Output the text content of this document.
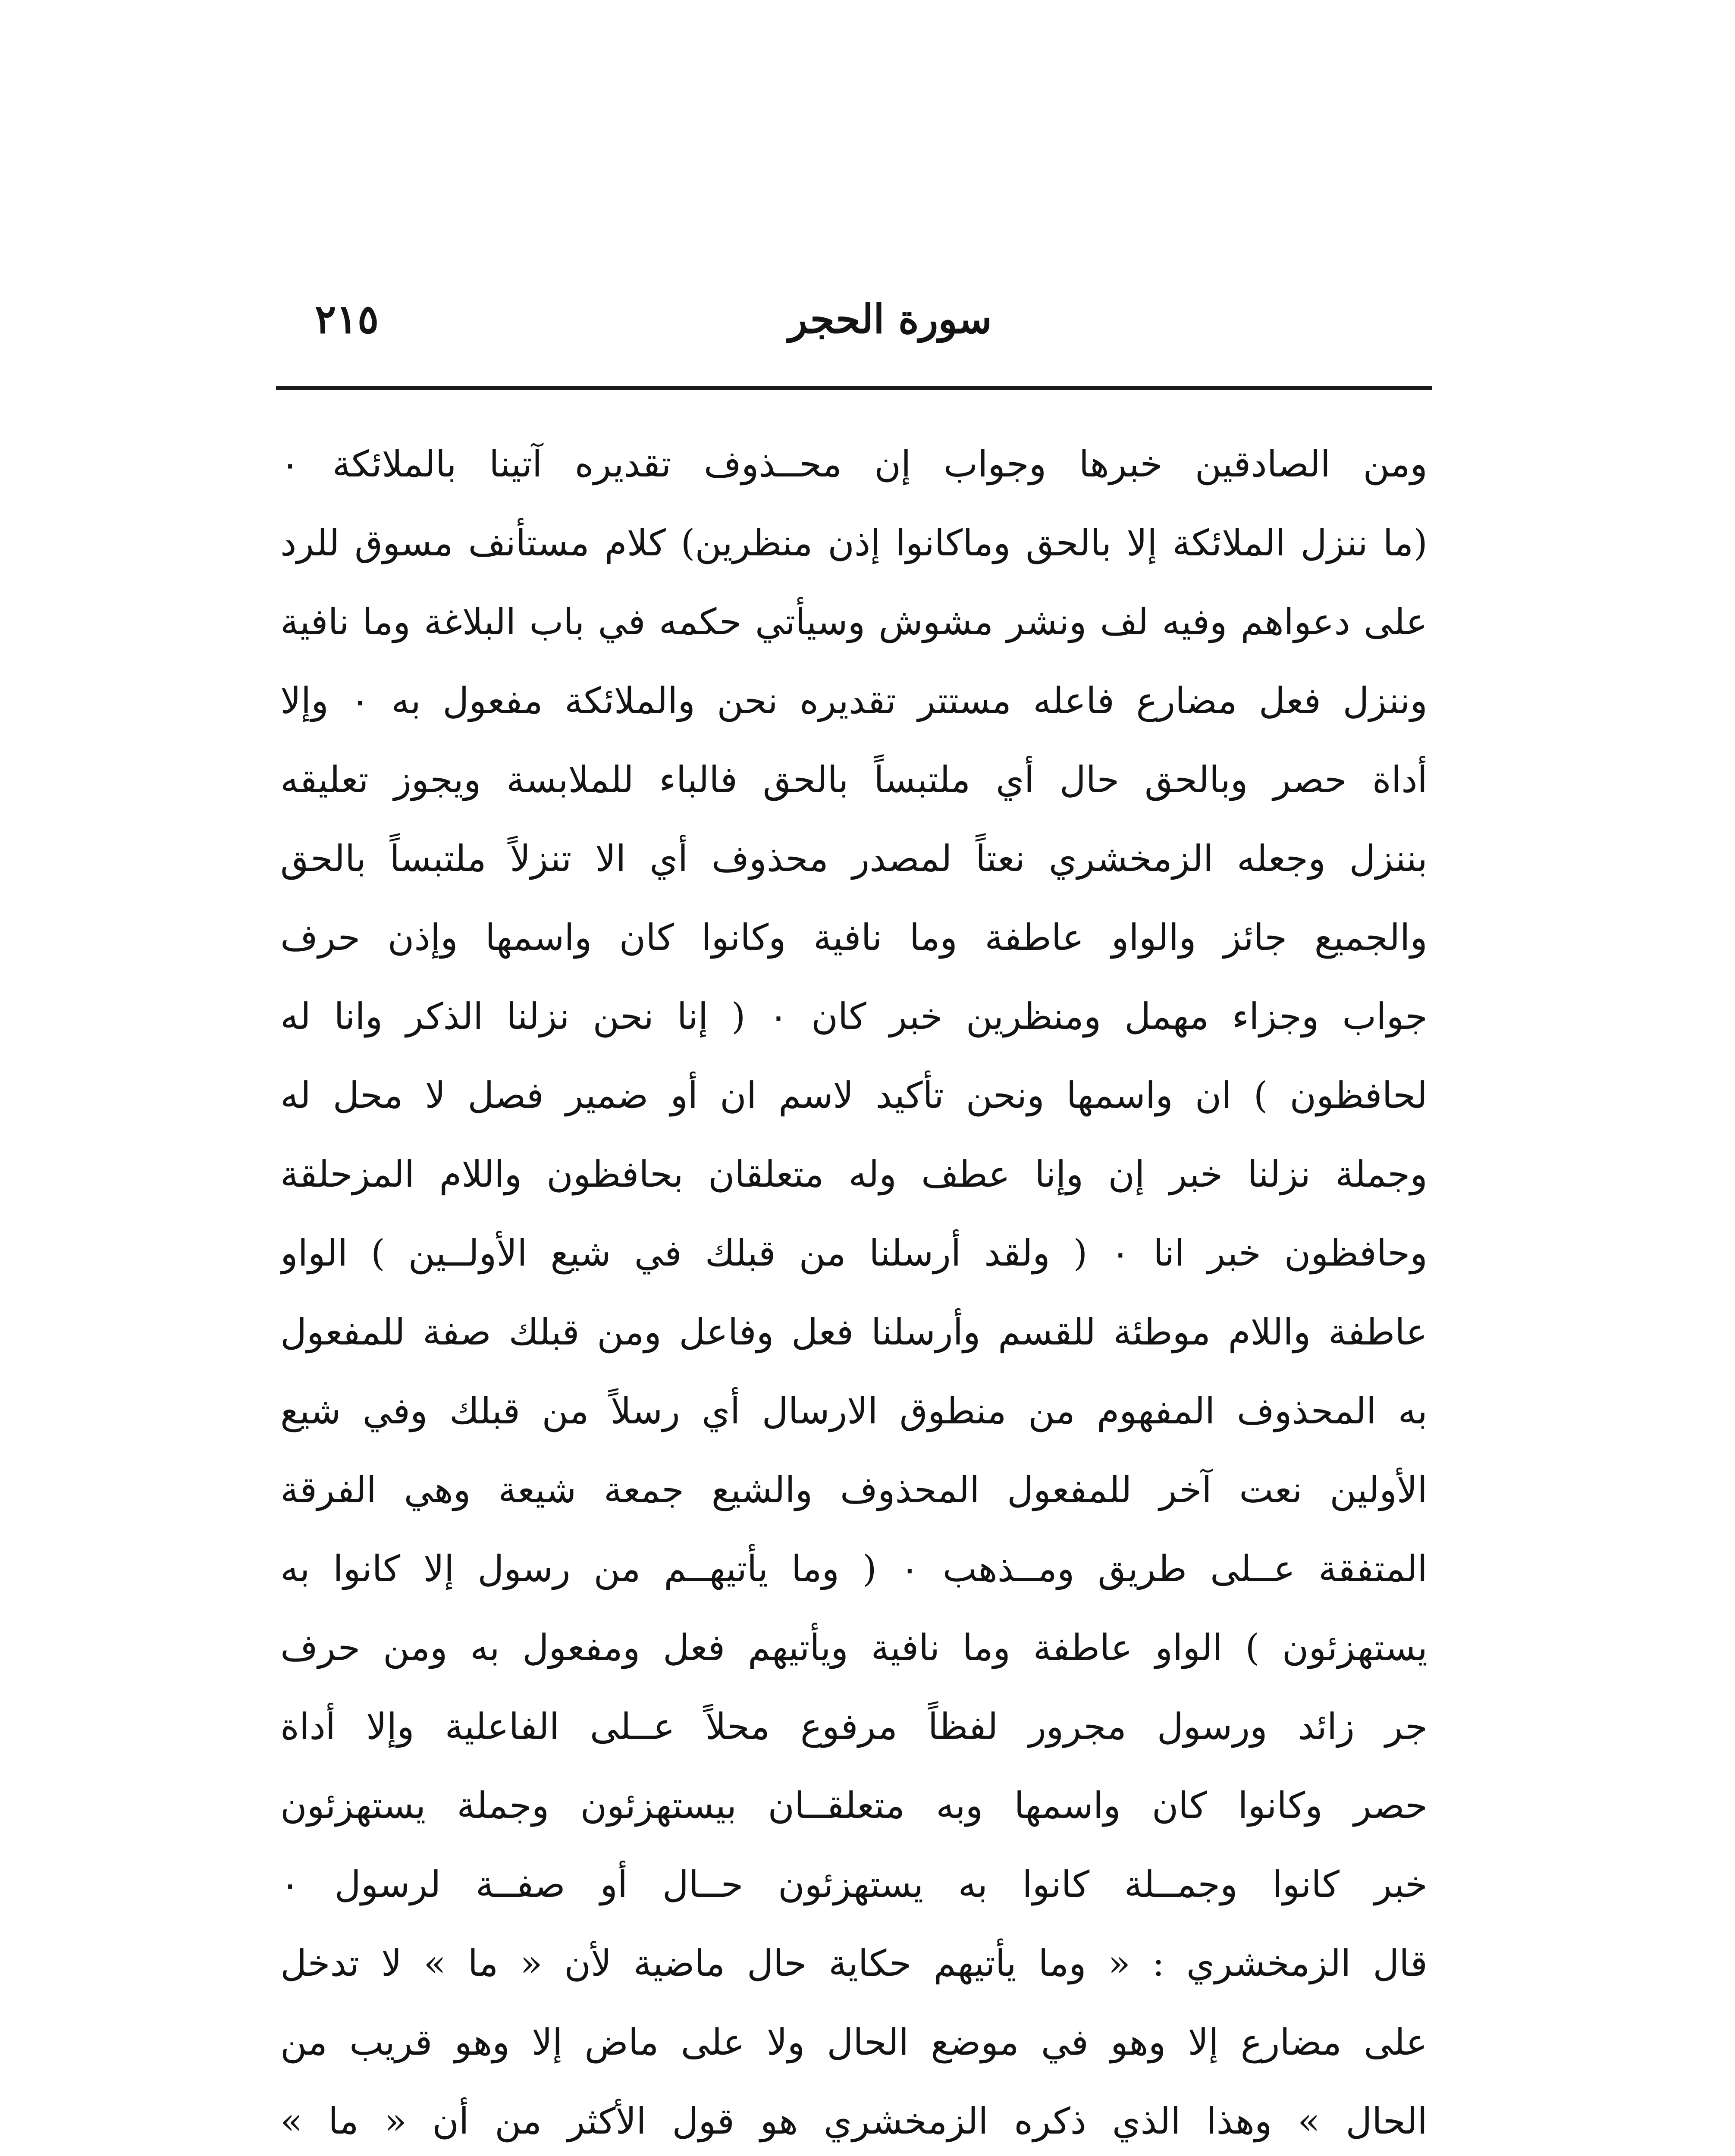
سورة الحجر
٢١٥
ومن الصادقين خبرها وجواب إن محــذوف تقديره آتينا بالملائكة ٠
(ما ننزل الملائكة إلا بالحق وماكانوا إذن منظرين) كلام مستأنف مسوق للرد
على دعواهم وفيه لف ونشر مشوش وسيأتي حكمه في باب البلاغة وما نافية
وننزل فعل مضارع فاعله مستتر تقديره نحن والملائكة مفعول به ٠ وإلا
أداة حصر وبالحق حال أي ملتبساً بالحق فالباء للملابسة ويجوز تعليقه
بننزل وجعله الزمخشري نعتاً لمصدر محذوف أي الا تنزلاً ملتبساً بالحق
والجميع جائز والواو عاطفة وما نافية وكانوا كان واسمها وإذن حرف
جواب وجزاء مهمل ومنظرين خبر كان ٠ ( إنا نحن نزلنا الذكر وانا له
لحافظون ) ان واسمها ونحن تأكيد لاسم ان أو ضمير فصل لا محل له
وجملة نزلنا خبر إن وإنا عطف وله متعلقان بحافظون واللام المزحلقة
وحافظون خبر انا ٠ ( ولقد أرسلنا من قبلك في شيع الأولــين ) الواو
عاطفة واللام موطئة للقسم وأرسلنا فعل وفاعل ومن قبلك صفة للمفعول
به المحذوف المفهوم من منطوق الارسال أي رسلاً من قبلك وفي شيع
الأولين نعت آخر للمفعول المحذوف والشيع جمعة شيعة وهي الفرقة
المتفقة عــلى طريق ومــذهب ٠ ( وما يأتيهــم من رسول إلا كانوا به
يستهزئون ) الواو عاطفة وما نافية ويأتيهم فعل ومفعول به ومن حرف
جر زائد ورسول مجرور لفظاً مرفوع محلاً عــلى الفاعلية وإلا أداة
حصر وكانوا كان واسمها وبه متعلقــان بيستهزئون وجملة يستهزئون
خبر كانوا وجمــلة كانوا به يستهزئون حــال أو صفــة لرسول ٠
قال الزمخشري : « وما يأتيهم حكاية حال ماضية لأن « ما » لا تدخل
على مضارع إلا وهو في موضع الحال ولا على ماض إلا وهو قريب من
الحال » وهذا الذي ذكره الزمخشري هو قول الأكثر من أن « ما »
